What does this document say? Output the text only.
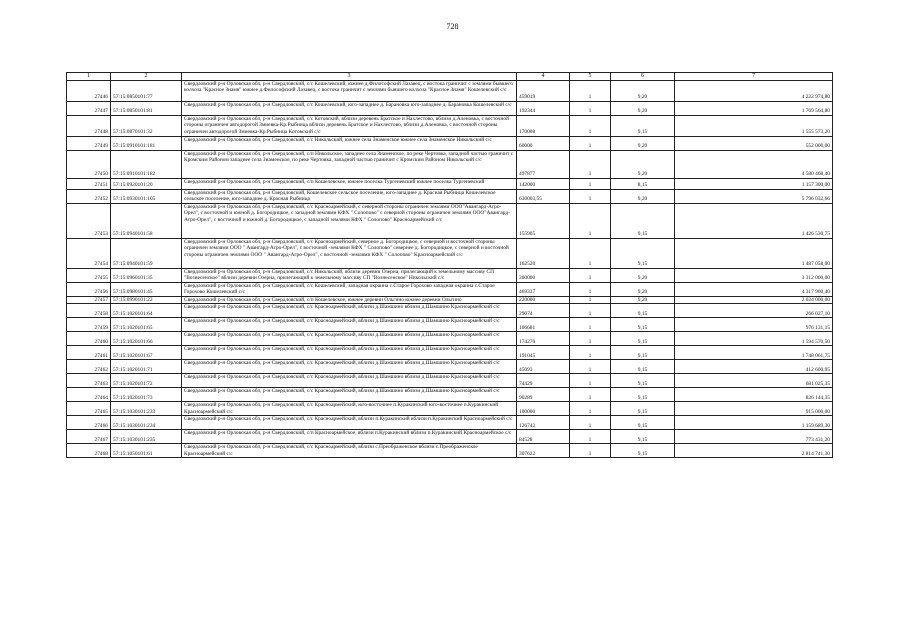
728
1	2	3	4	5	6	7
27446	57:15:0850101:77	Свердловский р-н Орловская обл, р-н Свердловский, с/с Кошелевский, южнее д.Философский Лазавец, с востока граничит с землями бывшего колхоза "Красное Знамя" южнее д.Философский Лазавец, с востока граничит с землями бывшего колхоза "Красное Знамя" Кошелевский с/с	459019	1	9,20	4 222 974,80
27447	57:15:0850101:81	Свердловский р-н Орловская обл, р-н Свердловский, с/с Кошелевский, юго-западнее д. Барановка юго-западнее д. Барановка Кошелевский с/с	192344	1	9,20	1 769 564,80
27448	57:15:0870101:32	Свердловский р-н Орловская обл, р-н Свердловский, с/с Котовский, вблизи деревень Братское и Нахлестово, вблизи д.Аленовка, с восточной стороны ограничен автодорогой Змиевка-Кр.Рыбница вблизи деревень Братское и Нахлестово, вблизи д.Аленовка, с восточной стороны ограничен автодорогой Змиевка-Кр.Рыбница Котовский с/с	170008	1	9,15	1 555 573,20
27449	57:15:0910101:181	Свердловский р-н Орловская обл, р-н Свердловский, с/с Никольский, южнее села Знаменское южнее села Знаменское Никольский с/с	60000	1	9,20	552 000,00
27450	57:15:0910101:182	Свердловский р-н Орловская обл, р-н Свердловский, с/п Никольское, западнее села Знаменское, по реке Чертовка, западной частью граничит с Кромским Районом западнее села Знаменское, по реке Чертовка, западной частью граничит с Кромским Районом Никольский с/с	497877	1	9,20	4 580 468,40
27451	57:15:0920101:20	Свердловский р-н Орловская обл, р-н Свердловский, с/п Кошелевское, южнее поселка Тургеневский южнее поселка Тургеневский	142000	1	8,15	1 157 300,00
27452	57:15:0930101:105	Свердловский р-н Орловская обл, р-н Свердловский, Кошелевское сельское поселение, юго-западнее д. Красная Рыбница Кошелевское сельское поселение, юго-западнее д. Красная Рыбница	630003,55	1	9,20	5 796 032,66
27453	57:15:0940101:58	Свердловский р-н Орловская обл, р-н Свердловский, с/с Красноармейский, с северной стороны ограничен землями ООО"Авангард-Агро-Орел", с восточной и южной д. Богородицкое, с западной землями КФХ " Солопово" с северной стороны ограничен землями ООО"Авангард-Агро-Орел", с восточной и южной д. Богородицкое, с западной землями КФХ " Солопово" Красноармейский с/с	155905	1	9,15	1 426 530,75
27454	57:15:0940101:59	Свердловский р-н Орловская обл, р-н Свердловский, с/с Красноармейский, северное д. Богородицкое, с северной и восточной стороны ограничен землями ООО " Авангард-Агро-Орел", с восточной -землями КФХ " Солопово" севернее д. Богородицкое, с северной и восточной стороны ограничен землями ООО " Авангард-Агро-Орел", с восточной -землями КФХ " Солопово" Красноармейский с/с	162520	1	9,15	1 487 058,00
27455	57:15:0960101:35	Свердловский р-н Орловская обл, р-н Свердловский, с/с Никольский, вблизи деревни Озерна, прилегающий к земельному массиву СП "Вознесенское" вблизи деревни Озерна, прилегающий к земельному массиву СП "Вознесенское" Никольский с/с	360000	1	9,20	3 312 000,00
27456	57:15:0980101:45	Свердловский р-н Орловская обл, р-н Свердловский, с/с Кошелевский, западная окраина с.Старое Горохово западная окраина с.Старое Горохово Кошелевский с/с	469337	1	9,20	4 317 900,40
27457	57:15:0990101:22	Свердловский р-н Орловская обл, р-н Свердловский, с/п Кошелевское, южнее деревни Ольгино южнее деревни Ольгино	220000	1	9,20	2 024 000,00
27458	57:15:1020101:64	Свердловский р-н Орловская обл, р-н Свердловский, с/с Красноармейский, вблизи д.Шамшино вблизи д.Шамшино Красноармейский с/с	29074	1	9,15	266 027,10
27459	57:15:1020101:65	Свердловский р-н Орловская обл, р-н Свердловский, с/с Красноармейский, вблизи д.Шамшино вблизи д.Шамшино Красноармейский с/с	106681	1	9,15	976 131,15
27460	57:15:1020101:66	Свердловский р-н Орловская обл, р-н Свердловский, с/с Красноармейский, вблизи д.Шамшино вблизи д.Шамшино Красноармейский с/с	174270	1	9,15	1 594 570,50
27461	57:15:1020101:67	Свердловский р-н Орловская обл, р-н Свердловский, с/с Красноармейский, вблизи д.Шамшино вблизи д.Шамшино Красноармейский с/с	191045	1	9,15	1 748 061,75
27462	57:15:1020101:71	Свердловский р-н Орловская обл, р-н Свердловский, с/с Красноармейский, вблизи д.Шамшино вблизи д.Шамшино Красноармейский с/с	45093	1	9,15	412 600,95
27463	57:15:1020101:72	Свердловский р-н Орловская обл, р-н Свердловский, с/с Красноармейский, вблизи д.Шамшино вблизи д.Шамшино Красноармейский с/с	74429	1	9,15	681 025,35
27464	57:15:1020101:73	Свердловский р-н Орловская обл, р-н Свердловский, с/с Красноармейский, вблизи д.Шамшино вблизи д.Шамшино Красноармейский с/с	90289	1	9,15	826 144,35
27465	57:15:1030101:233	Свердловский р-н Орловская обл, р-н Свердловский, с/с Красноармейский, юго-восточнее п.Куракинский юго-восточнее п.Куракинский Красноармейский с/с	100000	1	9,15	915 000,00
27466	57:15:1030101:234	Свердловский р-н Орловская обл, р-н Свердловский, с/с Красноармейский, вблизи п.Куракинский вблизи п.Куракинский Красноармейский с/с	126742	1	9,15	1 159 689,30
27467	57:15:1030101:235	Свердловский р-н Орловская обл, р-н Свердловский, с/п Красноармейское, вблизи п.Куракинский вблизи п.Куракинский Красноармейское с/с	84528	1	9,15	773 431,20
27468	57:15:1050101:61	Свердловский р-н Орловская обл, р-н Свердловский, с/с Красноармейский, вблизи с.Преображенское вблизи с.Преображенское Красноармейский с/с	307622	1	9,15	2 814 741,30
